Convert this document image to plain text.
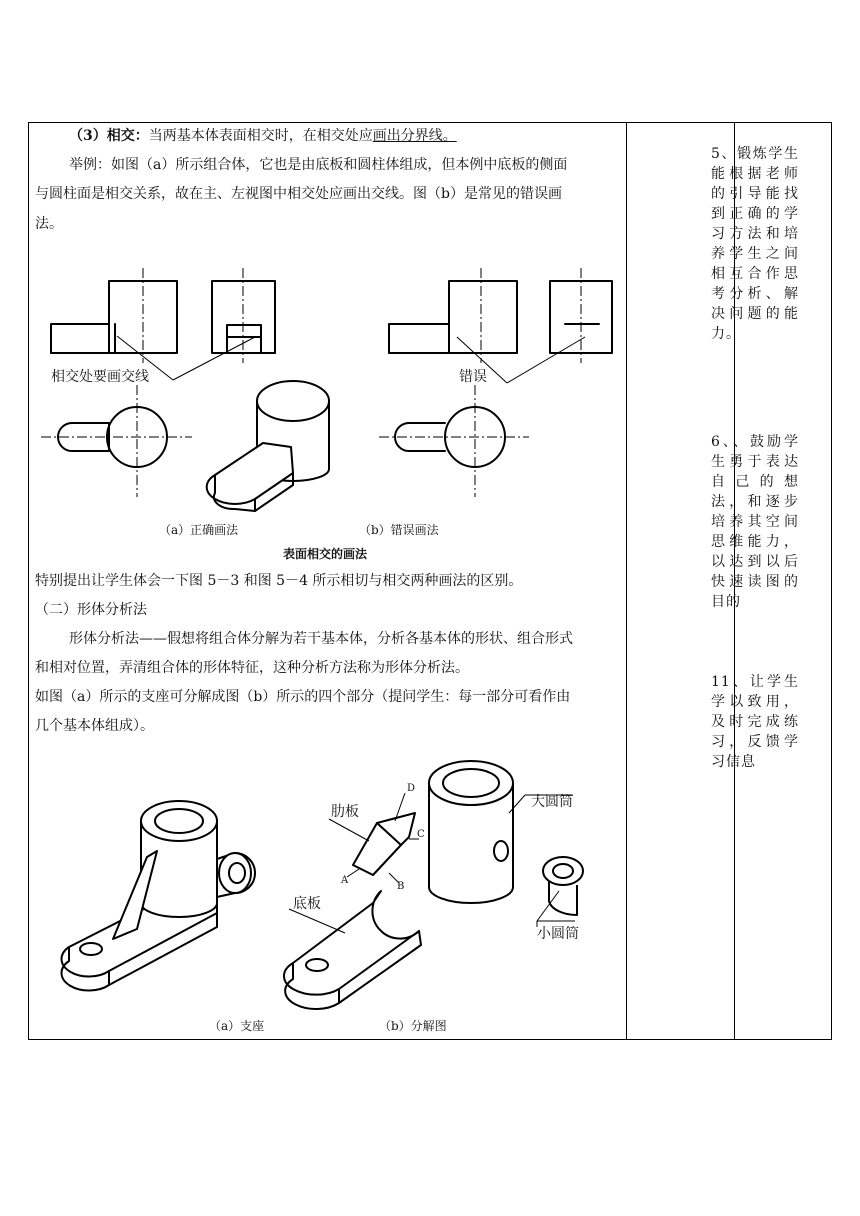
（3）相交：当两基本体表面相交时，在相交处应画出分界线。
举例：如图（a）所示组合体，它也是由底板和圆柱体组成，但本例中底板的侧面
与圆柱面是相交关系，故在主、左视图中相交处应画出交线。图（b）是常见的错误画
法。
相交处要画交线	错误
（a）正确画法	（b）错误画法
表面相交的画法
特别提出让学生体会一下图 5－3 和图 5－4 所示相切与相交两种画法的区别。
（二）形体分析法
形体分析法——假想将组合体分解为若干基本体，分析各基本体的形状、组合形式
和相对位置，弄清组合体的形体特征，这种分析方法称为形体分析法。
如图（a）所示的支座可分解成图（b）所示的四个部分（提问学生：每一部分可看作由
几个基本体组成）。
肋板
大圆筒
底板
小圆筒
D
C
A
B
（a）支座	（b）分解图
5、锻炼学生能根据老师的引导能找到正确的学习方法和培养学生之间相互合作思考分析、解决问题的能力。
6、、鼓励学生勇于表达自己的想法，和逐步培养其空间思维能力，以达到以后快速读图的目的
11、让学生学以致用，及时完成练习，反馈学习信息
